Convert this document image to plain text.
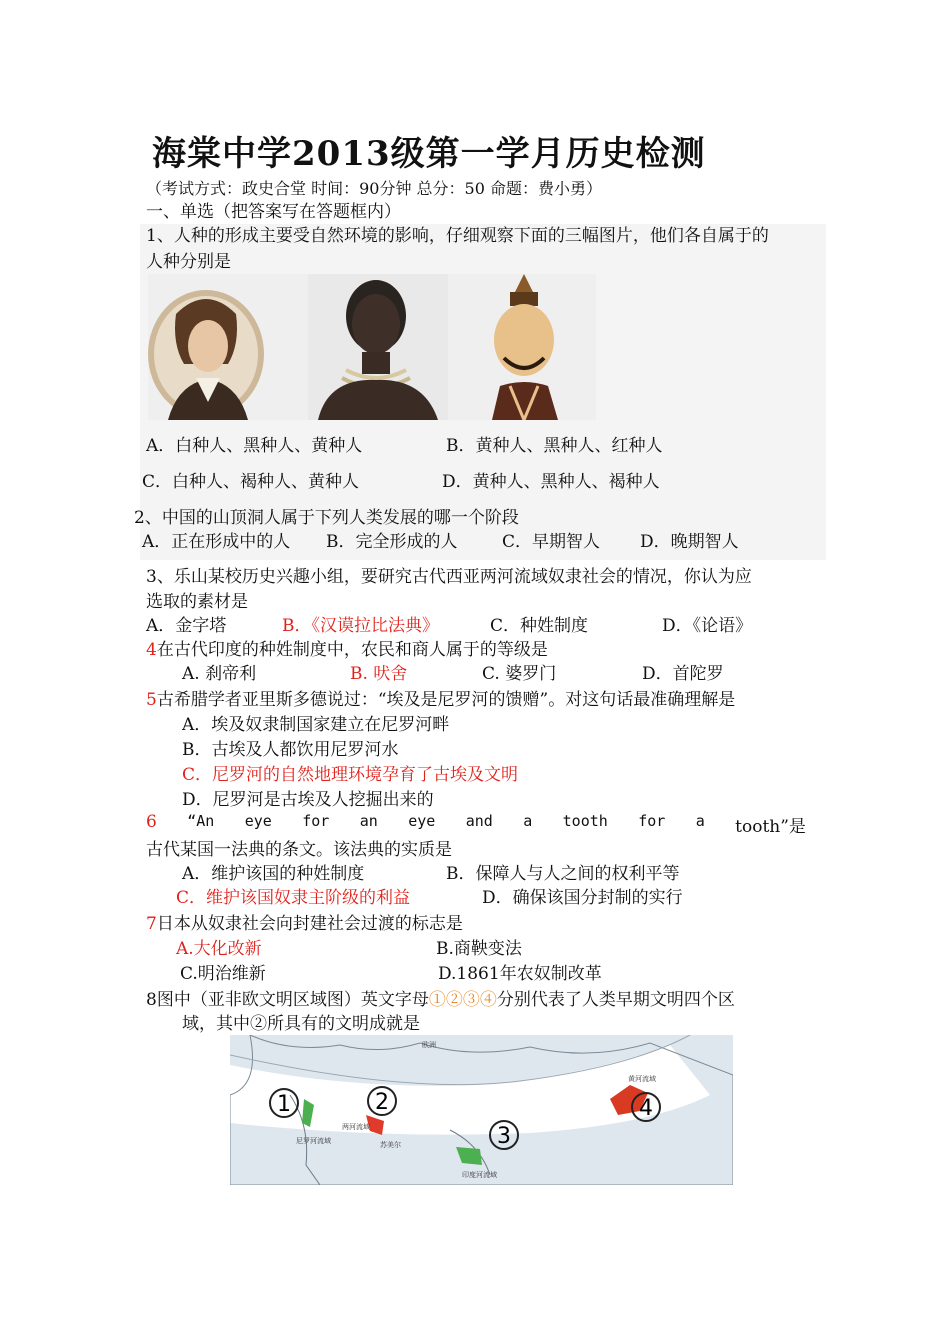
海棠中学2013级第一学月历史检测
（考试方式：政史合堂 时间：90分钟 总分：50 命题：费小勇）
一、单选（把答案写在答题框内）
1、人种的形成主要受自然环境的影响，仔细观察下面的三幅图片，他们各自属于的
人种分别是
A．白种人、黑种人、黄种人	B．黄种人、黑种人、红种人
C．白种人、褐种人、黄种人	D．黄种人、黑种人、褐种人
2、中国的山顶洞人属于下列人类发展的哪一个阶段
A．正在形成中的人 B．完全形成的人	C．早期智人 D．晚期智人
3、乐山某校历史兴趣小组，要研究古代西亚两河流域奴隶社会的情况，你认为应
选取的素材是
A．金字塔	B．《汉谟拉比法典》	C．种姓制度	D．《论语》
4在古代印度的种姓制度中，农民和商人属于的等级是
A. 刹帝利	B. 吠舍	C. 婆罗门	D．首陀罗
5古希腊学者亚里斯多德说过：“埃及是尼罗河的馈赠”。对这句话最准确理解是
A．埃及奴隶制国家建立在尼罗河畔
B．古埃及人都饮用尼罗河水
C．尼罗河的自然地理环境孕育了古埃及文明
D．尼罗河是古埃及人挖掘出来的
6 “An eye for an eye and a tooth for a tooth”是
古代某国一法典的条文。该法典的实质是
A．维护该国的种姓制度	B．保障人与人之间的权利平等
C．维护该国奴隶主阶级的利益	D．确保该国分封制的实行
7日本从奴隶社会向封建社会过渡的标志是
A.大化改新	B.商鞅变法
C.明治维新	D.1861年农奴制改革
8图中（亚非欧文明区域图）英文字母①②③④分别代表了人类早期文明四个区
域，其中②所具有的文明成就是
1	2
3
4
欧洲
苏美尔
印度河流域
黄河流域
尼罗河流域
两河流域
